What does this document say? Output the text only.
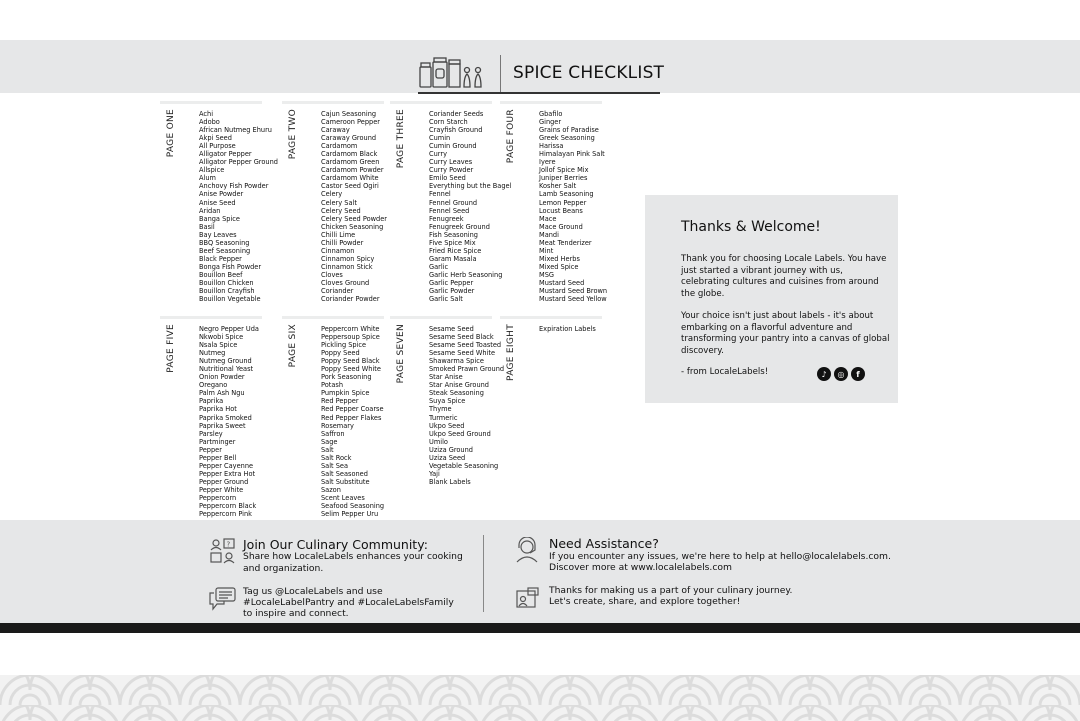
SPICE CHECKLIST
PAGE ONE	Achi
Adobo
African Nutmeg Ehuru
Akpi Seed
All Purpose
Alligator Pepper
Alligator Pepper Ground
Allspice
Alum
Anchovy Fish Powder
Anise Powder
Anise Seed
Aridan
Banga Spice
Basil
Bay Leaves
BBQ Seasoning
Beef Seasoning
Black Pepper
Bonga Fish Powder
Bouillon Beef
Bouillon Chicken
Bouillon Crayfish
Bouillon Vegetable
PAGE TWO	Cajun Seasoning
Cameroon Pepper
Caraway
Caraway Ground
Cardamom
Cardamom Black
Cardamom Green
Cardamom Powder
Cardamom White
Castor Seed Ogiri
Celery
Celery Salt
Celery Seed
Celery Seed Powder
Chicken Seasoning
Chilli Lime
Chilli Powder
Cinnamon
Cinnamon Spicy
Cinnamon Stick
Cloves
Cloves Ground
Coriander
Coriander Powder
PAGE THREE	Coriander Seeds
Corn Starch
Crayfish Ground
Cumin
Cumin Ground
Curry
Curry Leaves
Curry Powder
Emilo Seed
Everything but the Bagel
Fennel
Fennel Ground
Fennel Seed
Fenugreek
Fenugreek Ground
Fish Seasoning
Five Spice Mix
Fried Rice Spice
Garam Masala
Garlic
Garlic Herb Seasoning
Garlic Pepper
Garlic Powder
Garlic Salt
PAGE FOUR	Gbafilo
Ginger
Grains of Paradise
Greek Seasoning
Harissa
Himalayan Pink Salt
Iyere
Jollof Spice Mix
Juniper Berries
Kosher Salt
Lamb Seasoning
Lemon Pepper
Locust Beans
Mace
Mace Ground
Mandi
Meat Tenderizer
Mint
Mixed Herbs
Mixed Spice
MSG
Mustard Seed
Mustard Seed Brown
Mustard Seed Yellow
PAGE FIVE	Negro Pepper Uda
Nkwobi Spice
Nsala Spice
Nutmeg
Nutmeg Ground
Nutritional Yeast
Onion Powder
Oregano
Palm Ash Ngu
Paprika
Paprika Hot
Paprika Smoked
Paprika Sweet
Parsley
Partminger
Pepper
Pepper Bell
Pepper Cayenne
Pepper Extra Hot
Pepper Ground
Pepper White
Peppercorn
Peppercorn Black
Peppercorn Pink
PAGE SIX	Peppercorn White
Peppersoup Spice
Pickling Spice
Poppy Seed
Poppy Seed Black
Poppy Seed White
Pork Seasoning
Potash
Pumpkin Spice
Red Pepper
Red Pepper Coarse
Red Pepper Flakes
Rosemary
Saffron
Sage
Salt
Salt Rock
Salt Sea
Salt Seasoned
Salt Substitute
Sazon
Scent Leaves
Seafood Seasoning
Selim Pepper Uru
PAGE SEVEN	Sesame Seed
Sesame Seed Black
Sesame Seed Toasted
Sesame Seed White
Shawarma Spice
Smoked Prawn Ground
Star Anise
Star Anise Ground
Steak Seasoning
Suya Spice
Thyme
Turmeric
Ukpo Seed
Ukpo Seed Ground
Umilo
Uziza Ground
Uziza Seed
Vegetable Seasoning
Yaji
Blank Labels
PAGE EIGHT	Expiration Labels
Thanks & Welcome!

Thank you for choosing Locale Labels. You have just started a vibrant journey with us, celebrating cultures and cuisines from around the globe.

Your choice isn't just about labels - it's about embarking on a flavorful adventure and transforming your pantry into a canvas of global discovery.

- from LocaleLabels!	♪	◎	f
? Join Our Culinary Community:
Share how LocaleLabels enhances your cooking
and organization.
Tag us @LocaleLabels and use
#LocaleLabelPantry and #LocaleLabelsFamily
to inspire and connect.
Need Assistance?
If you encounter any issues, we're here to help at hello@localelabels.com.
Discover more at www.localelabels.com
Thanks for making us a part of your culinary journey.
Let's create, share, and explore together!
